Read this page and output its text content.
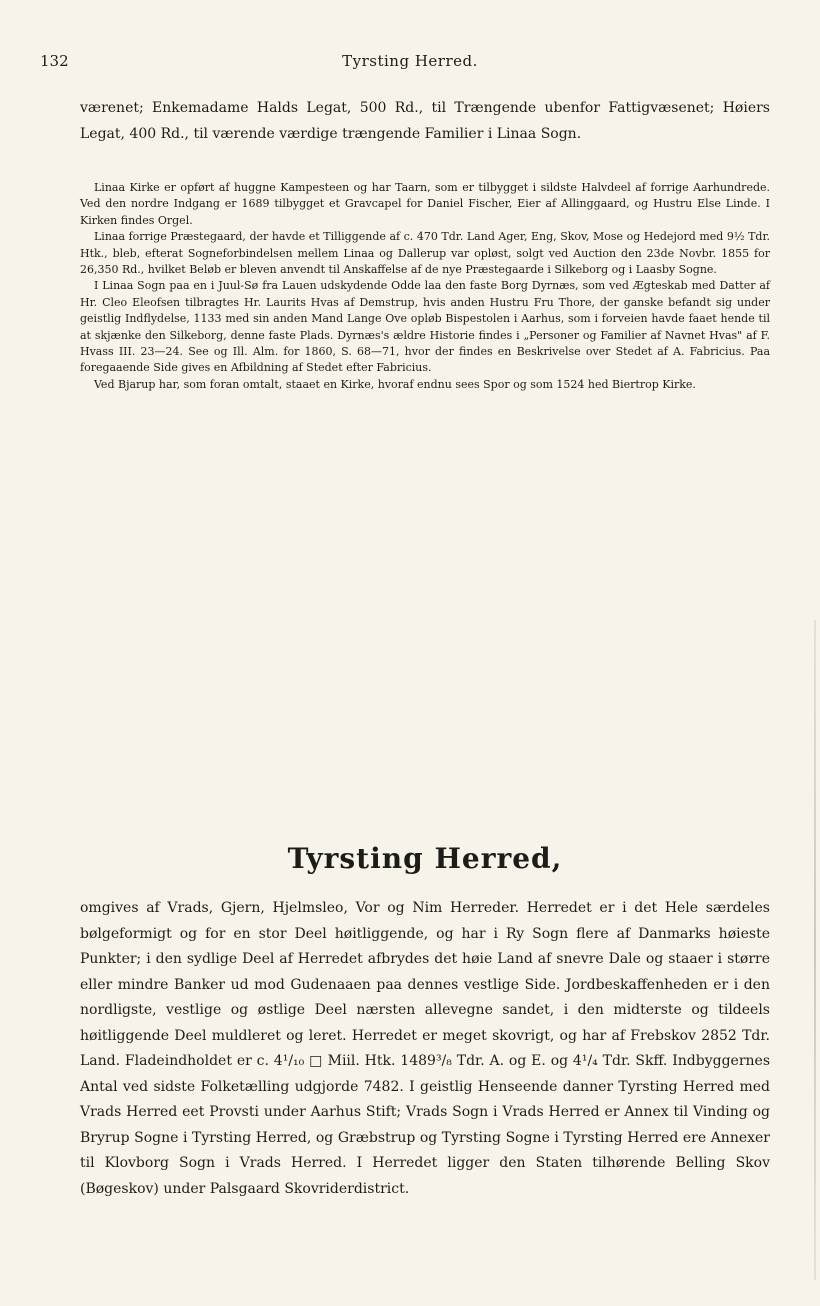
132	Tyrsting Herred.

værenet; Enkemadame Halds Legat, 500 Rd., til Trængende ubenfor Fattigvæsenet; Høiers Legat, 400 Rd., til værende værdige trængende Familier i Linaa Sogn.

Linaa Kirke er opført af huggne Kampesteen og har Taarn, som er tilbygget i sildste Halvdeel af forrige Aarhundrede. Ved den nordre Indgang er 1689 tilbygget et Gravcapel for Daniel Fischer, Eier af Allinggaard, og Hustru Else Linde. I Kirken findes Orgel.

Linaa forrige Præstegaard, der havde et Tilliggende af c. 470 Tdr. Land Ager, Eng, Skov, Mose og Hedejord med 9½ Tdr. Htk., bleb, efterat Sogneforbindelsen mellem Linaa og Dallerup var opløst, solgt ved Auction den 23de Novbr. 1855 for 26,350 Rd., hvilket Beløb er bleven anvendt til Anskaffelse af de nye Præstegaarde i Silkeborg og i Laasby Sogne.

I Linaa Sogn paa en i Juul-Sø fra Lauen udskydende Odde laa den faste Borg Dyrnæs, som ved Ægteskab med Datter af Hr. Cleo Eleofsen tilbragtes Hr. Laurits Hvas af Demstrup, hvis anden Hustru Fru Thore, der ganske befandt sig under geistlig Indflydelse, 1133 med sin anden Mand Lange Ove opløb Bispestolen i Aarhus, som i forveien havde faaet hende til at skjænke den Silkeborg, denne faste Plads. Dyrnæs's ældre Historie findes i „Personer og Familier af Navnet Hvas" af F. Hvass III. 23—24. See og Ill. Alm. for 1860, S. 68—71, hvor der findes en Beskrivelse over Stedet af A. Fabricius. Paa foregaaende Side gives en Afbildning af Stedet efter Fabricius.

Ved Bjarup har, som foran omtalt, staaet en Kirke, hvoraf endnu sees Spor og som 1524 hed Biertrop Kirke.

Tyrsting Herred,

omgives af Vrads, Gjern, Hjelmsleo, Vor og Nim Herreder. Herredet er i det Hele særdeles bølgeformigt og for en stor Deel høitliggende, og har i Ry Sogn flere af Danmarks høieste Punkter; i den sydlige Deel af Herredet afbrydes det høie Land af snevre Dale og staaer i større eller mindre Banker ud mod Gudenaaen paa dennes vestlige Side. Jordbeskaffenheden er i den nordligste, vestlige og østlige Deel nærsten allevegne sandet, i den midterste og tildeels høitliggende Deel muldleret og leret. Herredet er meget skovrigt, og har af Frebskov 2852 Tdr. Land. Fladeindholdet er c. 4¹/₁₀ □ Miil. Htk. 1489³/₈ Tdr. A. og E. og 4¹/₄ Tdr. Skff. Indbyggernes Antal ved sidste Folketælling udgjorde 7482. I geistlig Henseende danner Tyrsting Herred med Vrads Herred eet Provsti under Aarhus Stift; Vrads Sogn i Vrads Herred er Annex til Vinding og Bryrup Sogne i Tyrsting Herred, og Græbstrup og Tyrsting Sogne i Tyrsting Herred ere Annexer til Klovborg Sogn i Vrads Herred. I Herredet ligger den Staten tilhørende Belling Skov (Bøgeskov) under Palsgaard Skovriderdistrict.
